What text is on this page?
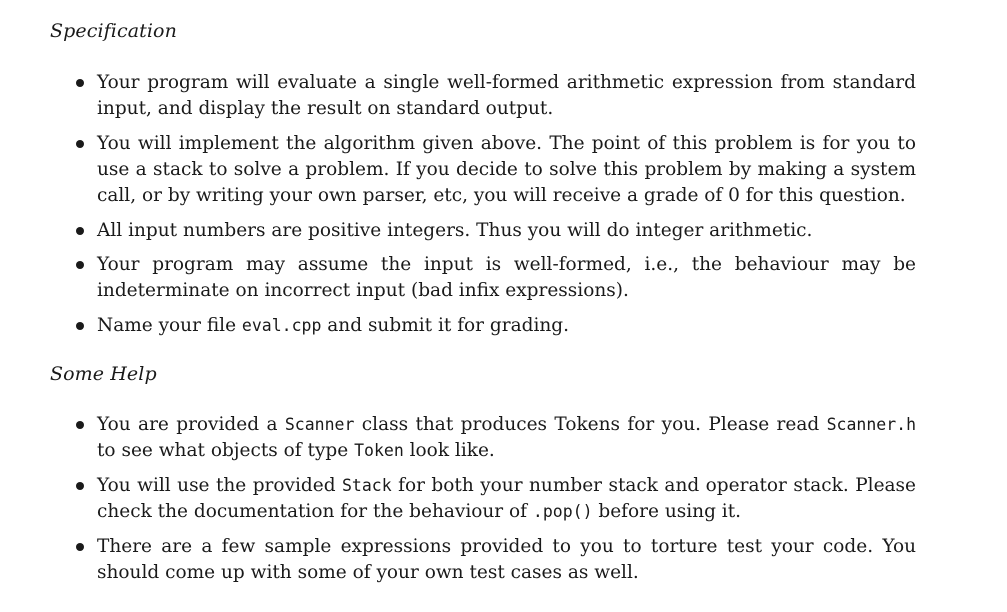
Specification
Your program will evaluate a single well-formed arithmetic expression from standard input, and display the result on standard output.
You will implement the algorithm given above. The point of this problem is for you to use a stack to solve a problem. If you decide to solve this problem by making a system call, or by writing your own parser, etc, you will receive a grade of 0 for this question.
All input numbers are positive integers. Thus you will do integer arithmetic.
Your program may assume the input is well-formed, i.e., the behaviour may be indeterminate on incorrect input (bad infix expressions).
Name your file eval.cpp and submit it for grading.
Some Help
You are provided a Scanner class that produces Tokens for you. Please read Scanner.h to see what objects of type Token look like.
You will use the provided Stack for both your number stack and operator stack. Please check the documentation for the behaviour of .pop() before using it.
There are a few sample expressions provided to you to torture test your code. You should come up with some of your own test cases as well.
